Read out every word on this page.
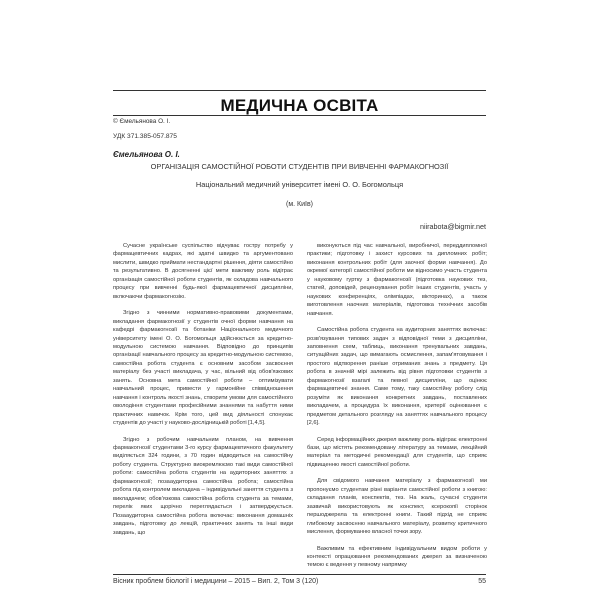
МЕДИЧНА ОСВІТА
© Ємельянова О. І.
УДК 371.385-057.875
Ємельянова О. І.
ОРГАНІЗАЦІЯ САМОСТІЙНОЇ РОБОТИ СТУДЕНТІВ ПРИ ВИВЧЕННІ ФАРМАКОГНОЗІЇ
Національний медичний університет імені О. О. Богомольця
(м. Київ)
niirabota@bigmir.net

Сучасне українське суспільство відчуває гостру потребу у фармацевтичних кадрах, які здатні швидко та аргументовано мислити, швидко приймати нестандартні рішення, діяти самостійно та результативно. В досягненні цієї мети важливу роль відіграє організація самостійної роботи студентів, як складова навчального процесу при вивченні будь-якої фармацевтичної дисципліни, включаючи фармакогнозію.

Згідно з чинними нормативно-правовими документами, викладання фармакогнозії у студентів очної форми навчання на кафедрі фармакогнозії та ботаніки Національного медичного університету імені О. О. Богомольця здійснюється за кредитно-модульною системою навчання. Відповідно до принципів організації навчального процесу за кредитно-модульною системою, самостійна робота студента є основним засобом засвоєння матеріалу без участі викладача, у час, вільний від обов'язкових занять. Основна мета самостійної роботи – оптимізувати навчальний процес, привести у гармонійне співвідношення навчання і контроль якості знань, створити умови для самостійного оволодіння студентами професійними знаннями та набуття ними практичних навичок. Крім того, цей вид діяльності спонукає студентів до участі у науково-дослідницькій роботі [1,4,5].

Згідно з робочим навчальним планом, на вивчення фармакогнозії студентами 3-го курсу фармацевтичного факультету виділяється 324 години, з 70 годин відводиться на самостійну роботу студента. Структурно виокремлюємо такі види самостійної роботи: самостійна робота студентів на аудиторних заняттях з фармакогнозії; позааудиторна самостійна робота; самостійна робота під контролем викладача – індивідуальні заняття студента з викладачем; обов'язкова самостійна робота студента за темами, перелік яких щорічно переглядається і затверджується. Позааудиторна самостійна робота включає: виконання домашніх завдань, підготовку до лекцій, практичних занять та інші види завдань, що

виконуються під час навчальної, виробничої, переддипломної практики; підготовку і захист курсових та дипломних робіт; виконання контрольних робіт (для заочної форми навчання). До окремої категорії самостійної роботи ми відносимо участь студента у науковому гуртку з фармакогнозії (підготовка наукових тез, статей, доповідей, рецензування робіт інших студентів, участь у наукових конференціях, олімпіадах, вікторинах), а також виготовлення наочних матеріалів, підготовка технічних засобів навчання.

Самостійна робота студента на аудиторних заняттях включає: розв'язування типових задач з відповідної теми з дисципліни, заповнення схем, таблиць, виконання тренувальних завдань, ситуаційних задач, що вимагають осмислення, запам'ятовування і простого відтворення раніше отриманих знань з предмету. Ця робота в значній мірі залежить від рівня підготовки студентів з фармакогнозії взагалі та певної дисципліни, що оцінює фармацевтичні знання. Саме тому, таку самостійну роботу слід розуміти як виконання конкретних завдань, поставлених викладачем, а процедура їх виконання, критерії оцінювання є предметом детального розгляду на заняттях навчального процесу [2,6].

Серед інформаційних джерел важливу роль відіграє електронні бази, що містять рекомендовану літературу за темами, лекційний матеріал та методичні рекомендації для студентів, що сприяє підвищенню якості самостійної роботи.

Для свідомого навчання матеріалу з фармакогнозії ми пропонуємо студентам різні варіанти самостійної роботи з книгою: складання планів, конспектів, тез. На жаль, сучасні студенти зазвичай використовують як конспект, ксерокопії сторінок першоджерела та електронні книги. Такий підхід не сприяє глибокому засвоєнню навчального матеріалу, розвитку критичного мислення, формуванню власної точки зору.

Важливим та ефективним індивідуальним видом роботи у контексті опрацювання рекомендованих джерел за визначеною темою є ведення у певному напрямку

Вісник проблем біології і медицини – 2015 – Вип. 2, Том 3 (120)	55
